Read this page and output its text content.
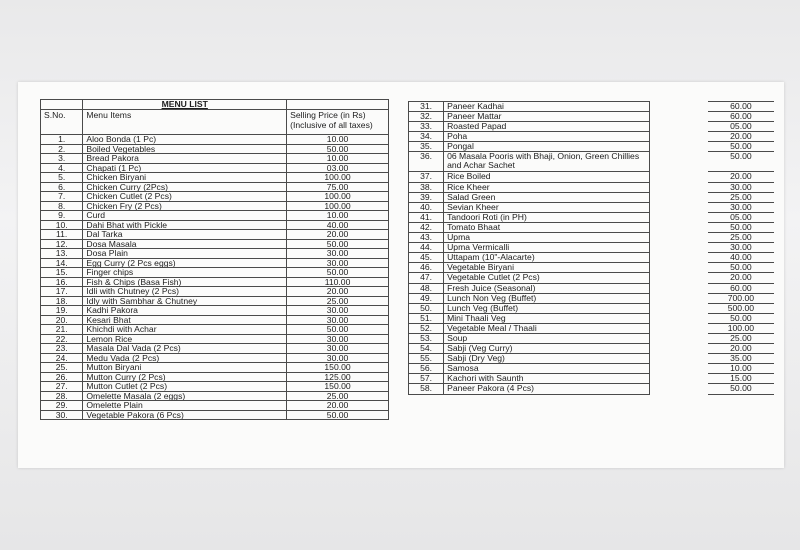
	MENU LIST	
S.No.	Menu Items	Selling Price (in Rs) (Inclusive of all taxes)
1.	Aloo Bonda (1 Pc)	10.00
2.	Boiled Vegetables	50.00
3.	Bread Pakora	10.00
4.	Chapati (1 Pc)	03.00
5.	Chicken Biryani	100.00
6.	Chicken Curry (2Pcs)	75.00
7.	Chicken Cutlet (2 Pcs)	100.00
8.	Chicken Fry (2 Pcs)	100.00
9.	Curd	10.00
10.	Dahi Bhat with Pickle	40.00
11.	Dal Tarka	20.00
12.	Dosa Masala	50.00
13.	Dosa Plain	30.00
14.	Egg Curry (2 Pcs eggs)	30.00
15.	Finger chips	50.00
16.	Fish & Chips (Basa Fish)	110.00
17.	Idli with Chutney (2 Pcs)	20.00
18.	Idly with Sambhar & Chutney	25.00
19.	Kadhi Pakora	30.00
20.	Kesari Bhat	30.00
21.	Khichdi with Achar	50.00
22.	Lemon Rice	30.00
23.	Masala Dal Vada (2 Pcs)	30.00
24.	Medu Vada (2 Pcs)	30.00
25.	Mutton Biryani	150.00
26.	Mutton Curry (2 Pcs)	125.00
27.	Mutton Cutlet (2 Pcs)	150.00
28.	Omelette Masala (2 eggs)	25.00
29.	Omelette Plain	20.00
30.	Vegetable Pakora (6 Pcs)	50.00
31.	Paneer Kadhai		60.00
32.	Paneer Mattar		60.00
33.	Roasted Papad		05.00
34.	Poha		20.00
35.	Pongal		50.00
36.	06 Masala Pooris with Bhaji, Onion, Green Chillies and Achar Sachet		50.00
37.	Rice Boiled		20.00
38.	Rice Kheer		30.00
39.	Salad Green		25.00
40.	Sevian Kheer		30.00
41.	Tandoori Roti (in PH)		05.00
42.	Tomato Bhaat		50.00
43.	Upma		25.00
44.	Upma Vermicalli		30.00
45.	Uttapam (10"-Alacarte)		40.00
46.	Vegetable Biryani		50.00
47.	Vegetable Cutlet (2 Pcs)		20.00
48.	Fresh Juice (Seasonal)		60.00
49.	Lunch Non Veg (Buffet)		700.00
50.	Lunch Veg (Buffet)		500.00
51.	Mini Thaali Veg		50.00
52.	Vegetable Meal / Thaali		100.00
53.	Soup		25.00
54.	Sabji (Veg Curry)		20.00
55.	Sabji (Dry Veg)		35.00
56.	Samosa		10.00
57.	Kachori with Saunth		15.00
58.	Paneer Pakora (4 Pcs)		50.00
